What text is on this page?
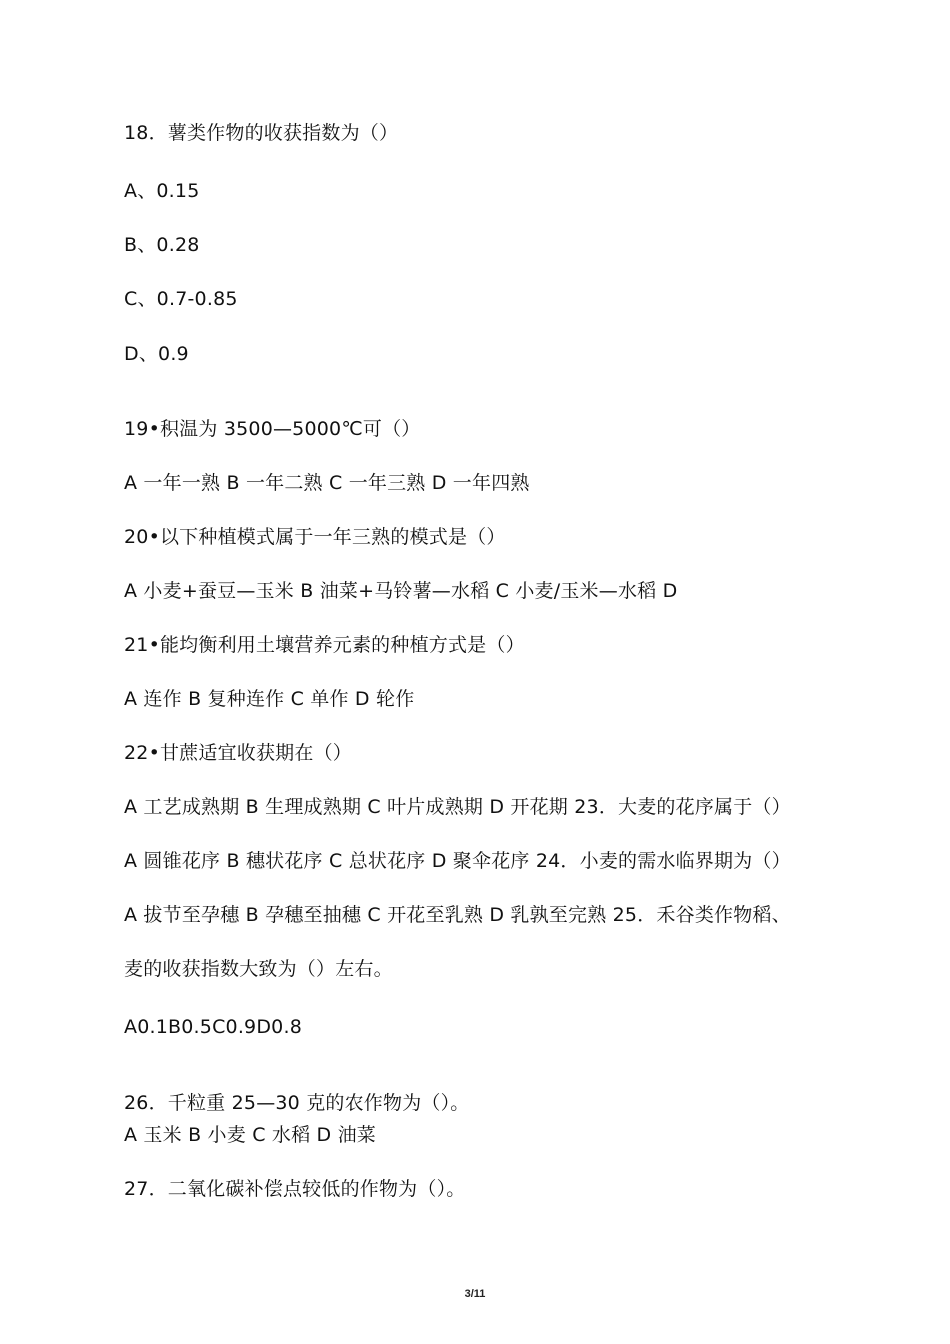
18．薯类作物的收获指数为（）
A、0.15
B、0.28
C、0.7-0.85
D、0.9
19•积温为 3500—5000℃可（）
A 一年一熟 B 一年二熟 C 一年三熟 D 一年四熟
20•以下种植模式属于一年三熟的模式是（）
A 小麦+蚕豆—玉米 B 油菜+马铃薯—水稻 C 小麦/玉米—水稻 D
21•能均衡利用土壤营养元素的种植方式是（）
A 连作 B 复种连作 C 单作 D 轮作
22•甘蔗适宜收获期在（）
A 工艺成熟期 B 生理成熟期 C 叶片成熟期 D 开花期 23．大麦的花序属于（）
A 圆锥花序 B 穗状花序 C 总状花序 D 聚伞花序 24．小麦的需水临界期为（）
A 拔节至孕穗 B 孕穗至抽穗 C 开花至乳熟 D 乳孰至完熟 25．禾谷类作物稻、
麦的收获指数大致为（）左右。
A0.1B0.5C0.9D0.8
26．千粒重 25—30 克的农作物为（）。
A 玉米 B 小麦 C 水稻 D 油菜
27．二氧化碳补偿点较低的作物为（）。
3/11
